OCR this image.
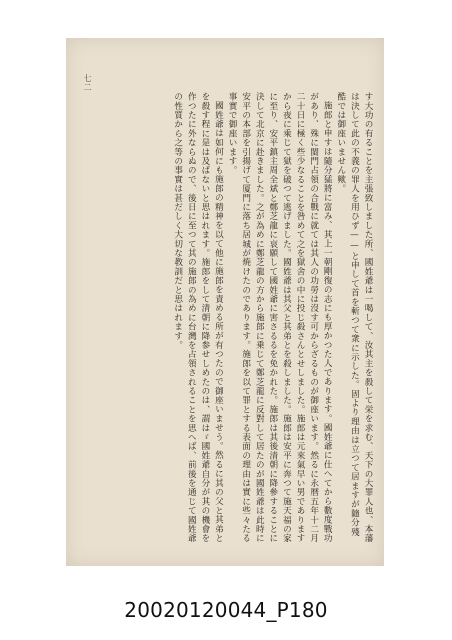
七二

す大功の有ることを主張致しました所、國姓爺は一喝して、汝其主を殺して栄を求む、天下の大罪人也、本藩は決して此の不義の罪人を用ひず——と申して首を斬つて衆に示した。固より理由は立つて居ますが隨分殘酷では御座いません歟。

施郎と申すは隨分猛將に富み、其上一朝剛復の志にも厚かつた人であります。國姓爺に仕へてから數度戰功があり、殊に閩門占領の合戰に就ては其人の功勞は沒す可からざるものが御座います。然るに永暦五年十二月二十日に極く些少なることを咎めて之を獄舍の中に投じ殺さんとせしました。施郎は元來氣早い男でありますから夜に乘じて獄を破つて逃げました。國姓爺は其父と其弟とを殺しました。施郎は安平に奔つて施天福の家に至り、安平鎮主周全斌と鄭芝龍に哀願して國姓爺に害さるるを免かれた。施郎は其後清朝に降參することに決して北京に赴きました。之が為めに鄭芝龍の方から施郎に乗じて鄭芝龍に反對して居たのが國姓爺は此時に安平の本部を引揚げて厦門に落ち居城が焼けたのであります。施郎を以て罪とする表面の理由は實に些々たる事實で御座います。

國姓爺は如何にも施郎の精神を以て他に施郎を責める所が有つたので御座いませう。然るに其の父と其弟とを殺す程に是は及ばないと思はれます。施郎をして清朝に降参せしめたのは、謂はゞ國姓爺自分が其の機會を作つたに外ならぬので、後日に至つて其の施郎の為めに台灣を占領されることを思へば、前後を通じて國姓爺の性質から之等の事實は甚だしく大切な教訓だと思はれます。

20020120044_P180
